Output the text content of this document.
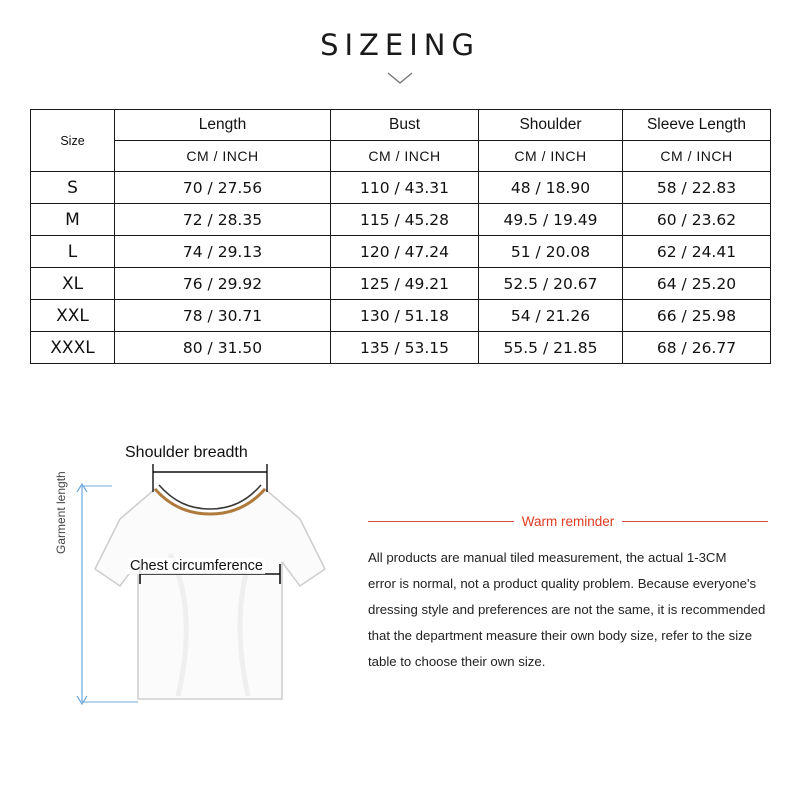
SIZEING
Size	Length	Bust	Shoulder	Sleeve Length
	CM / INCH	CM / INCH	CM / INCH	CM / INCH
S	70 / 27.56	110 / 43.31	48 / 18.90	58 / 22.83
M	72 / 28.35	115 / 45.28	49.5 / 19.49	60 / 23.62
L	74 / 29.13	120 / 47.24	51 / 20.08	62 / 24.41
XL	76 / 29.92	125 / 49.21	52.5 / 20.67	64 / 25.20
XXL	78 / 30.71	130 / 51.18	54 / 21.26	66 / 25.98
XXXL	80 / 31.50	135 / 53.15	55.5 / 21.85	68 / 26.77
Shoulder breadth
Chest circumference
Garment length	Warm reminder
All products are manual tiled measurement, the actual 1-3CM
error is normal, not a product quality problem. Because everyone's
dressing style and preferences are not the same, it is recommended
that the department measure their own body size, refer to the size
table to choose their own size.
